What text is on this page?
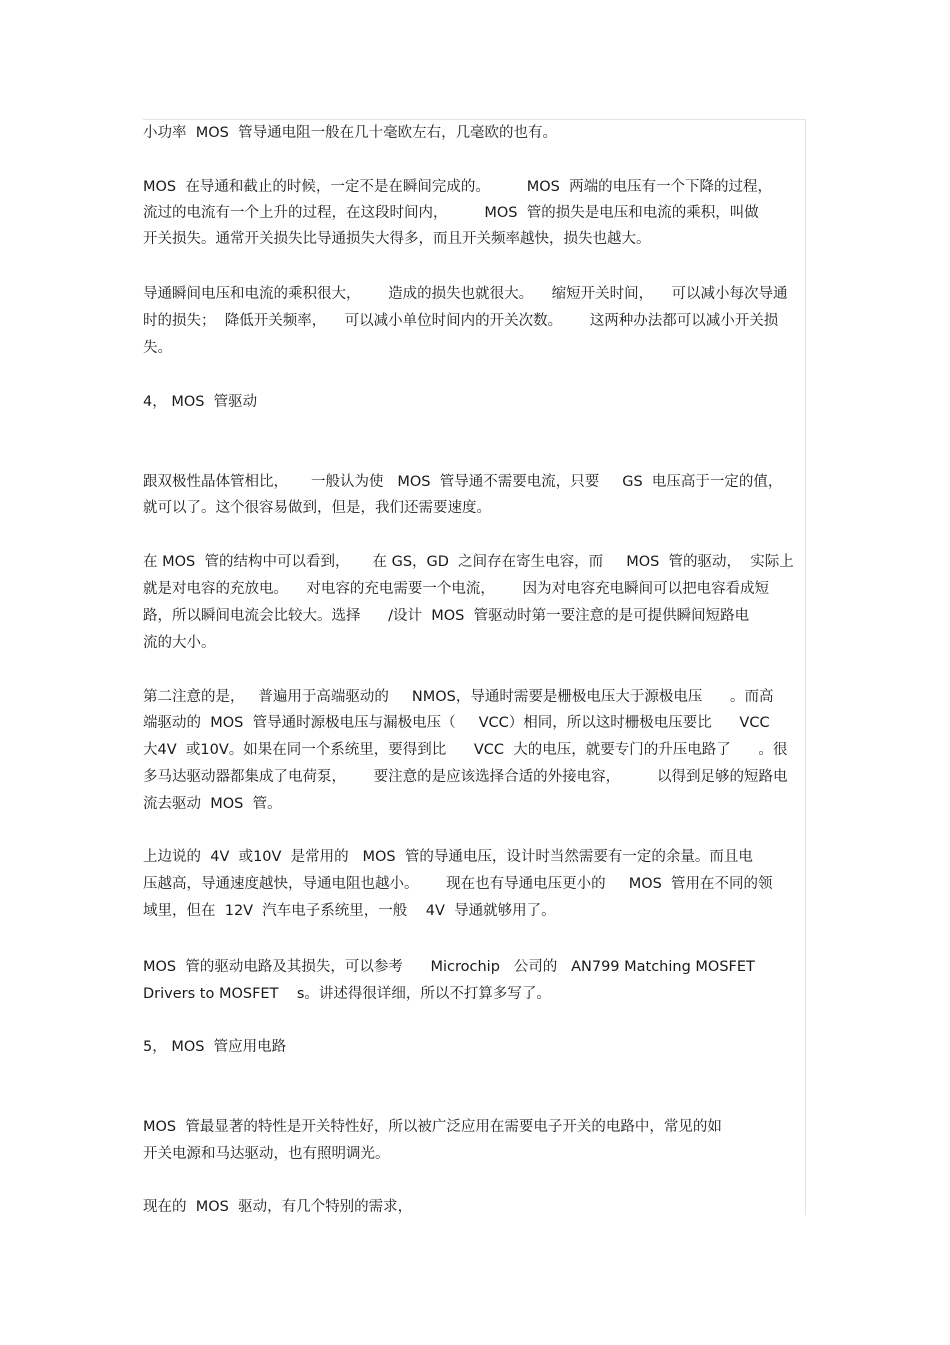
小功率  MOS  管导通电阻一般在几十毫欧左右，几毫欧的也有。
MOS  在导通和截止的时候，一定不是在瞬间完成的。        MOS  两端的电压有一个下降的过程，
流过的电流有一个上升的过程，在这段时间内，        MOS  管的损失是电压和电流的乘积，叫做
开关损失。通常开关损失比导通损失大得多，而且开关频率越快，损失也越大。
导通瞬间电压和电流的乘积很大，      造成的损失也就很大。    缩短开关时间，    可以减小每次导通
时的损失；  降低开关频率，    可以减小单位时间内的开关次数。      这两种办法都可以减小开关损
失。
4， MOS  管驱动
跟双极性晶体管相比，     一般认为使   MOS  管导通不需要电流，只要     GS  电压高于一定的值，
就可以了。这个很容易做到，但是，我们还需要速度。
在 MOS  管的结构中可以看到，     在 GS，GD  之间存在寄生电容，而     MOS  管的驱动，  实际上
就是对电容的充放电。    对电容的充电需要一个电流，      因为对电容充电瞬间可以把电容看成短
路，所以瞬间电流会比较大。选择      /设计  MOS  管驱动时第一要注意的是可提供瞬间短路电
流的大小。
第二注意的是，   普遍用于高端驱动的     NMOS，导通时需要是栅极电压大于源极电压      。而高
端驱动的  MOS  管导通时源极电压与漏极电压（     VCC）相同，所以这时栅极电压要比      VCC
大4V  或10V。如果在同一个系统里，要得到比      VCC  大的电压，就要专门的升压电路了      。很
多马达驱动器都集成了电荷泵，      要注意的是应该选择合适的外接电容，        以得到足够的短路电
流去驱动  MOS  管。
上边说的  4V  或10V  是常用的   MOS  管的导通电压，设计时当然需要有一定的余量。而且电
压越高，导通速度越快，导通电阻也越小。      现在也有导通电压更小的     MOS  管用在不同的领
域里，但在  12V  汽车电子系统里，一般    4V  导通就够用了。
MOS  管的驱动电路及其损失，可以参考      Microchip   公司的   AN799 Matching MOSFET
Drivers to MOSFET    s。讲述得很详细，所以不打算多写了。
5， MOS  管应用电路
MOS  管最显著的特性是开关特性好，所以被广泛应用在需要电子开关的电路中，常见的如
开关电源和马达驱动，也有照明调光。
现在的  MOS  驱动，有几个特别的需求，
